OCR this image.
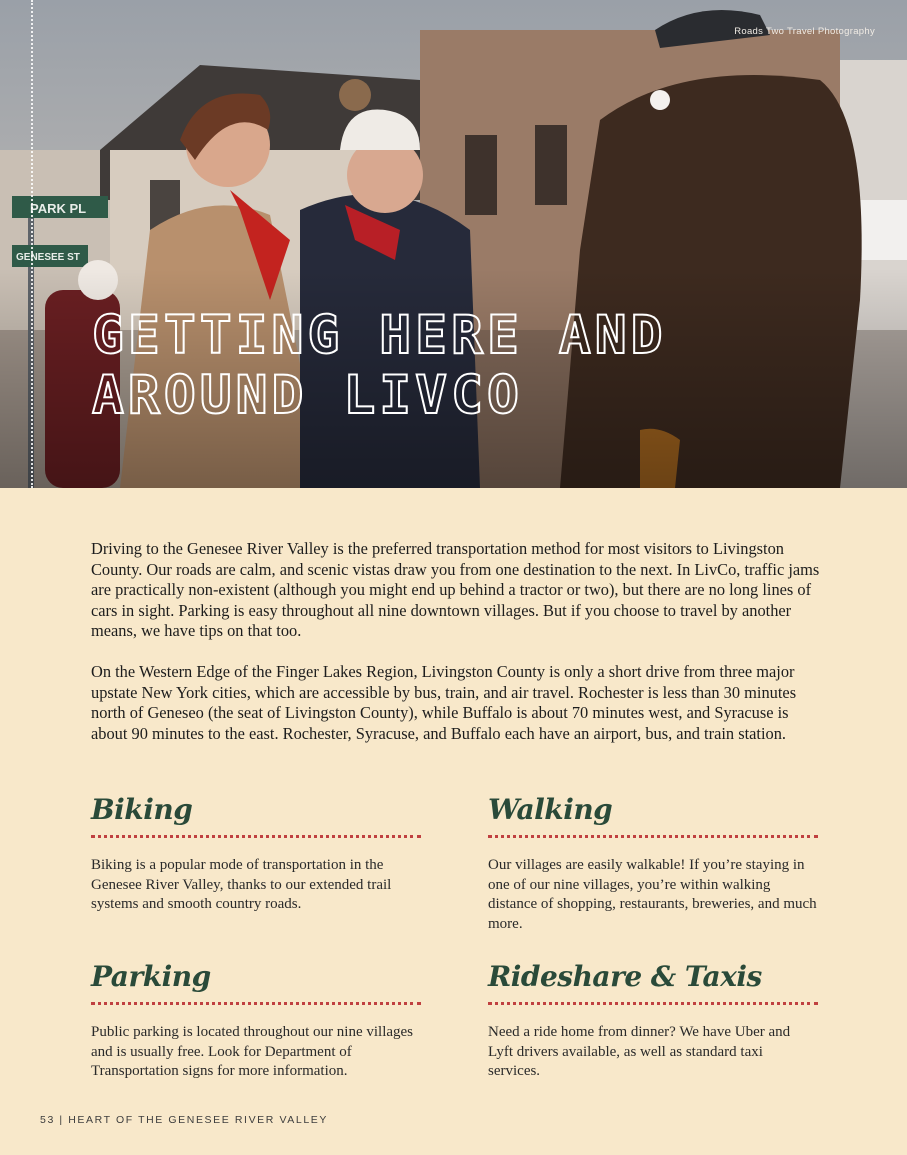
Roads Two Travel Photography
GETTING HERE AND AROUND LIVCO

Driving to the Genesee River Valley is the preferred transportation method for most visitors to Livingston County. Our roads are calm, and scenic vistas draw you from one destination to the next. In LivCo, traffic jams are practically non-existent (although you might end up behind a tractor or two), but there are no long lines of cars in sight. Parking is easy throughout all nine downtown villages. But if you choose to travel by another means, we have tips on that too.

On the Western Edge of the Finger Lakes Region, Livingston County is only a short drive from three major upstate New York cities, which are accessible by bus, train, and air travel. Rochester is less than 30 minutes north of Geneseo (the seat of Livingston County), while Buffalo is about 70 minutes west, and Syracuse is about 90 minutes to the east. Rochester, Syracuse, and Buffalo each have an airport, bus, and train station.

Biking

Biking is a popular mode of transportation in the Genesee River Valley, thanks to our extended trail systems and smooth country roads.

Walking

Our villages are easily walkable! If you’re staying in one of our nine villages, you’re within walking distance of shopping, restaurants, breweries, and much more.

Parking

Public parking is located throughout our nine villages and is usually free. Look for Department of Transportation signs for more information.

Rideshare & Taxis

Need a ride home from dinner? We have Uber and Lyft drivers available, as well as standard taxi services.

53 | HEART OF THE GENESEE RIVER VALLEY
